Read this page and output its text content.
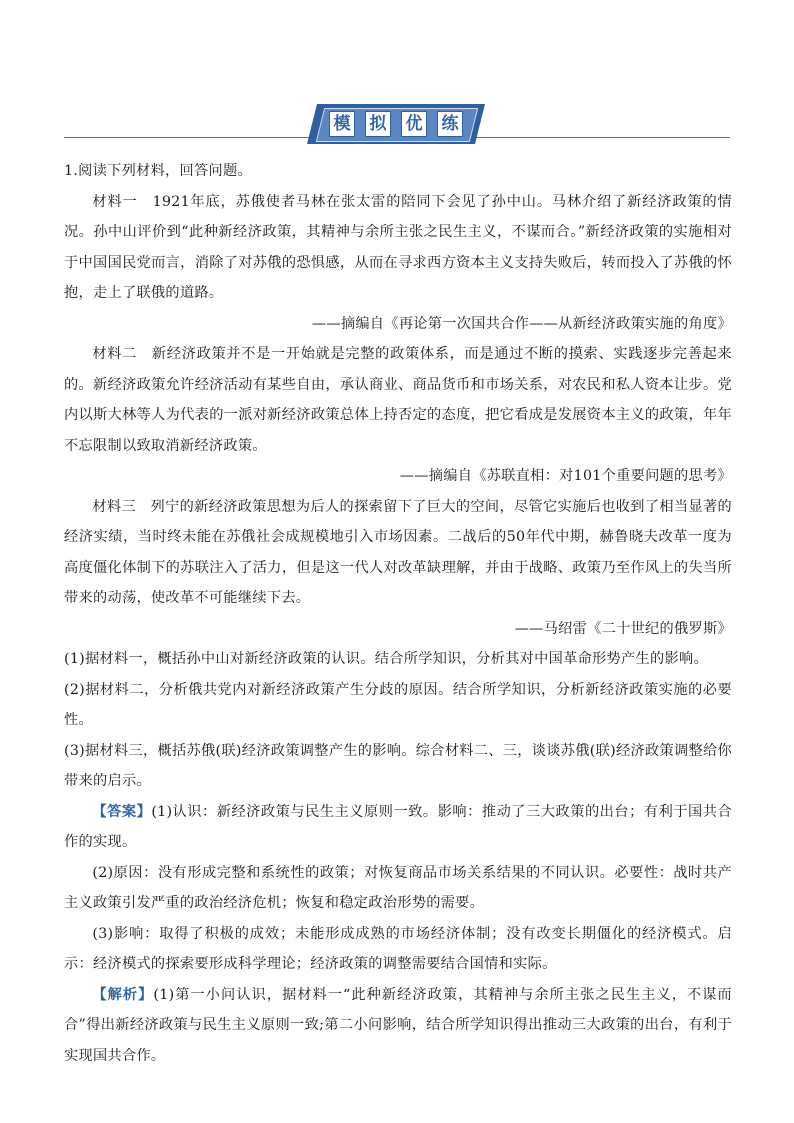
模 拟 优 练

1.阅读下列材料，回答问题。

材料一　1921年底，苏俄使者马林在张太雷的陪同下会见了孙中山。马林介绍了新经济政策的情况。孙中山评价到“此种新经济政策，其精神与余所主张之民生主义，不谋而合。”新经济政策的实施相对于中国国民党而言，消除了对苏俄的恐惧感，从而在寻求西方资本主义支持失败后，转而投入了苏俄的怀抱，走上了联俄的道路。

——摘编自《再论第一次国共合作——从新经济政策实施的角度》

材料二　新经济政策并不是一开始就是完整的政策体系，而是通过不断的摸索、实践逐步完善起来的。新经济政策允许经济活动有某些自由，承认商业、商品货币和市场关系，对农民和私人资本让步。党内以斯大林等人为代表的一派对新经济政策总体上持否定的态度，把它看成是发展资本主义的政策，年年不忘限制以致取消新经济政策。

——摘编自《苏联直相：对101个重要问题的思考》

材料三　列宁的新经济政策思想为后人的探索留下了巨大的空间，尽管它实施后也收到了相当显著的经济实绩，当时终未能在苏俄社会成规模地引入市场因素。二战后的50年代中期，赫鲁晓夫改革一度为高度僵化体制下的苏联注入了活力，但是这一代人对改革缺理解，并由于战略、政策乃至作风上的失当所带来的动荡，使改革不可能继续下去。

——马绍雷《二十世纪的俄罗斯》

(1)据材料一，概括孙中山对新经济政策的认识。结合所学知识，分析其对中国革命形势产生的影响。

(2)据材料二，分析俄共党内对新经济政策产生分歧的原因。结合所学知识，分析新经济政策实施的必要性。

(3)据材料三，概括苏俄(联)经济政策调整产生的影响。综合材料二、三，谈谈苏俄(联)经济政策调整给你带来的启示。

【答案】(1)认识：新经济政策与民生主义原则一致。影响：推动了三大政策的出台；有利于国共合作的实现。

(2)原因：没有形成完整和系统性的政策；对恢复商品市场关系结果的不同认识。必要性：战时共产主义政策引发严重的政治经济危机；恢复和稳定政治形势的需要。

(3)影响：取得了积极的成效；未能形成成熟的市场经济体制；没有改变长期僵化的经济模式。启示：经济模式的探索要形成科学理论；经济政策的调整需要结合国情和实际。

【解析】(1)第一小问认识，据材料一“此种新经济政策，其精神与余所主张之民生主义，不谋而合”得出新经济政策与民生主义原则一致;第二小问影响，结合所学知识得出推动三大政策的出台，有利于实现国共合作。
